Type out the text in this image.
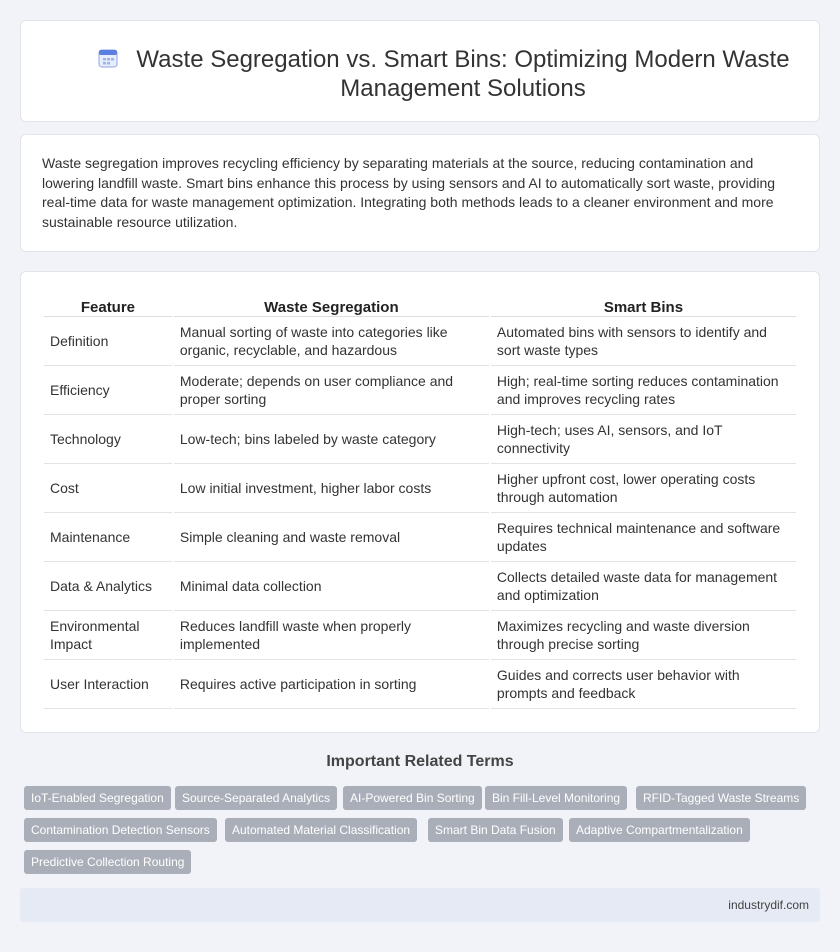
Waste Segregation vs. Smart Bins: Optimizing Modern Waste Management Solutions

Waste segregation improves recycling efficiency by separating materials at the source, reducing contamination and lowering landfill waste. Smart bins enhance this process by using sensors and AI to automatically sort waste, providing real-time data for waste management optimization. Integrating both methods leads to a cleaner environment and more sustainable resource utilization.

Feature	Waste Segregation	Smart Bins
Definition	Manual sorting of waste into categories like organic, recyclable, and hazardous	Automated bins with sensors to identify and sort waste types
Efficiency	Moderate; depends on user compliance and proper sorting	High; real-time sorting reduces contamination and improves recycling rates
Technology	Low-tech; bins labeled by waste category	High-tech; uses AI, sensors, and IoT connectivity
Cost	Low initial investment, higher labor costs	Higher upfront cost, lower operating costs through automation
Maintenance	Simple cleaning and waste removal	Requires technical maintenance and software updates
Data & Analytics	Minimal data collection	Collects detailed waste data for management and optimization
Environmental Impact	Reduces landfill waste when properly implemented	Maximizes recycling and waste diversion through precise sorting
User Interaction	Requires active participation in sorting	Guides and corrects user behavior with prompts and feedback
Important Related Terms
IoT-Enabled Segregation	Source-Separated Analytics	AI-Powered Bin Sorting	Bin Fill-Level Monitoring	RFID-Tagged Waste Streams
Contamination Detection Sensors	Automated Material Classification	Smart Bin Data Fusion	Adaptive Compartmentalization
Predictive Collection Routing
industrydif.com
